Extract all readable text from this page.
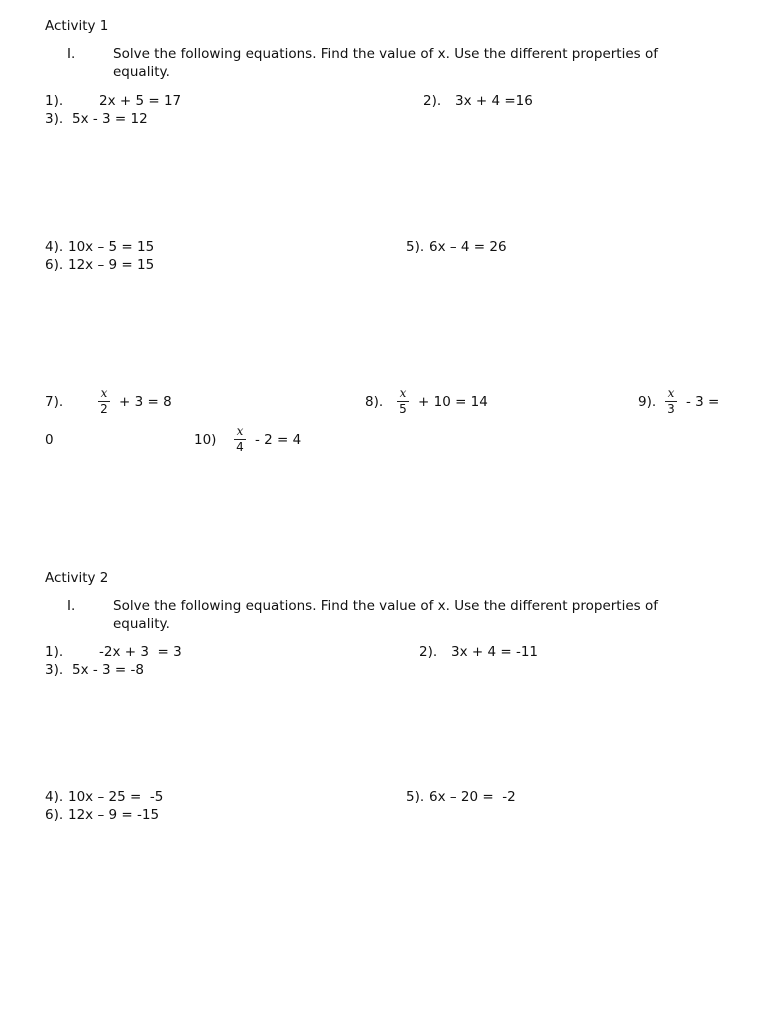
Activity 1
I.	Solve the following equations. Find the value of x. Use the different properties of equality.
1).	2x + 5 = 17	2). 3x + 4 =16
3). 5x - 3 = 12
4). 10x – 5 = 15	5). 6x – 4 = 26
6). 12x – 9 = 15
7).
x
2 + 3 = 8	8).
x
5 + 10 = 14	9).
x
3 - 3 =
0	10)
x
4 - 2 = 4
Activity 2
I.	Solve the following equations. Find the value of x. Use the different properties of equality.
1).	-2x + 3  = 3	2). 3x + 4 = -11
3). 5x - 3 = -8
4). 10x – 25 =  -5	5). 6x – 20 =  -2
6). 12x – 9 = -15
